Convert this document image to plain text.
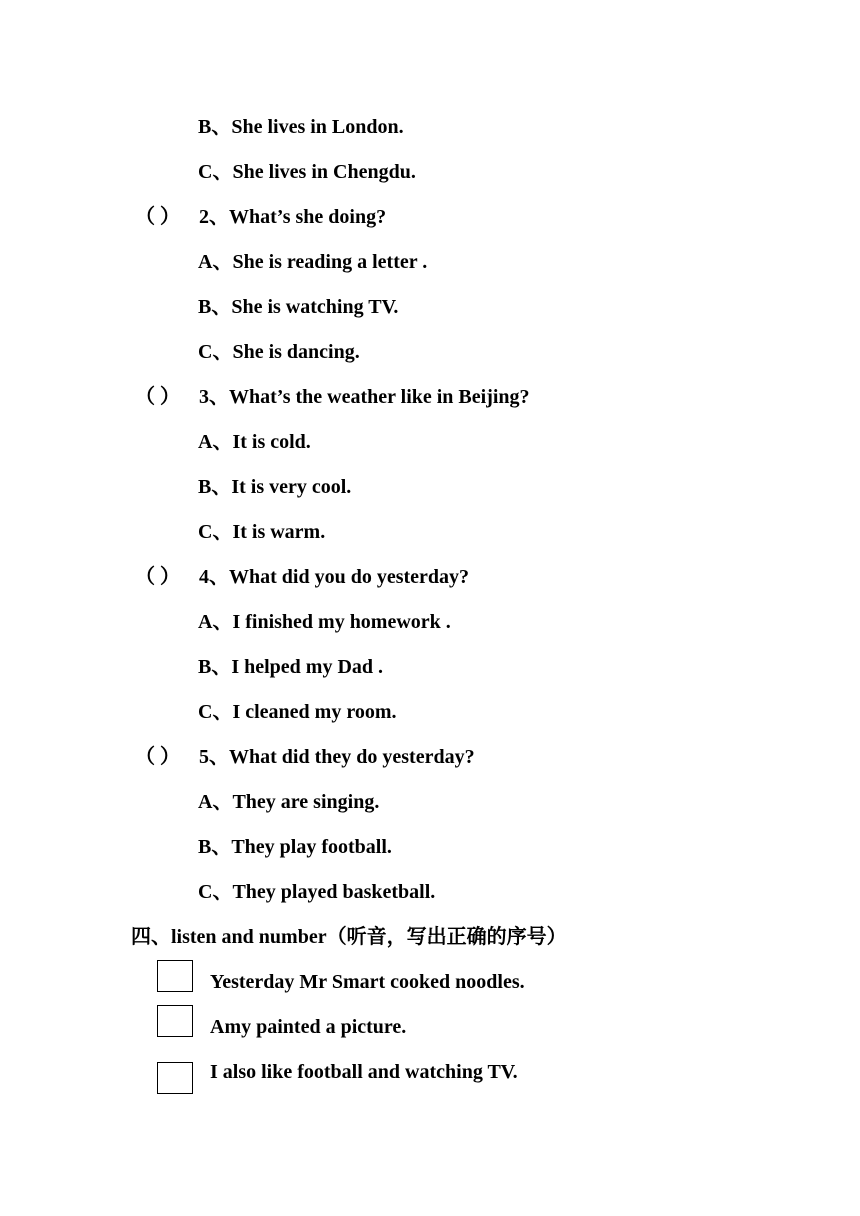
B、She lives in London.
C、She lives in Chengdu.
（ ） 2、What’s she doing?
A、She is reading a letter .
B、She is watching TV.
C、She is dancing.
（ ） 3、What’s the weather like in Beijing?
A、It is cold.
B、It is very cool.
C、It is warm.
（ ） 4、What did you do yesterday?
A、I finished my homework .
B、I helped my Dad .
C、I cleaned my room.
（ ） 5、What did they do yesterday?
A、They are singing.
B、They play football.
C、They played basketball.
四、listen and number（听音，写出正确的序号）
Yesterday Mr Smart cooked noodles.
Amy painted a picture.
I also like football and watching TV.
